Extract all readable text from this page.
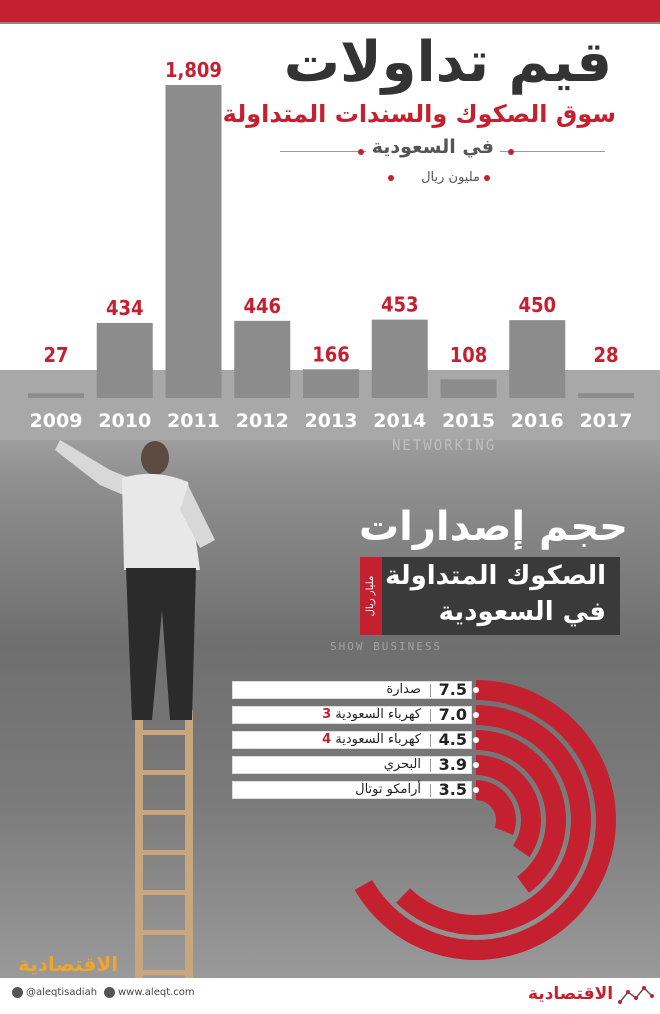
NETWORKING
SHOW BUSINESS
27
2009
434
2010
1,809
2011
446
2012
166
2013
453
2014
108
2015
450
2016
28
2017
قيم تداولات
سوق الصكوك والسندات المتداولة
في السعودية
مليون ريال
حجم إصدارات
الصكوك المتداولة
في السعودية
مليار ريال
7.5
صدارة
7.0
كهرباء السعودية 3
4.5
كهرباء السعودية 4
3.9
البحري
3.5
أرامكو توتال
الاقتصادية
@aleqtisadiah www.aleqt.com	الاقتصادية
